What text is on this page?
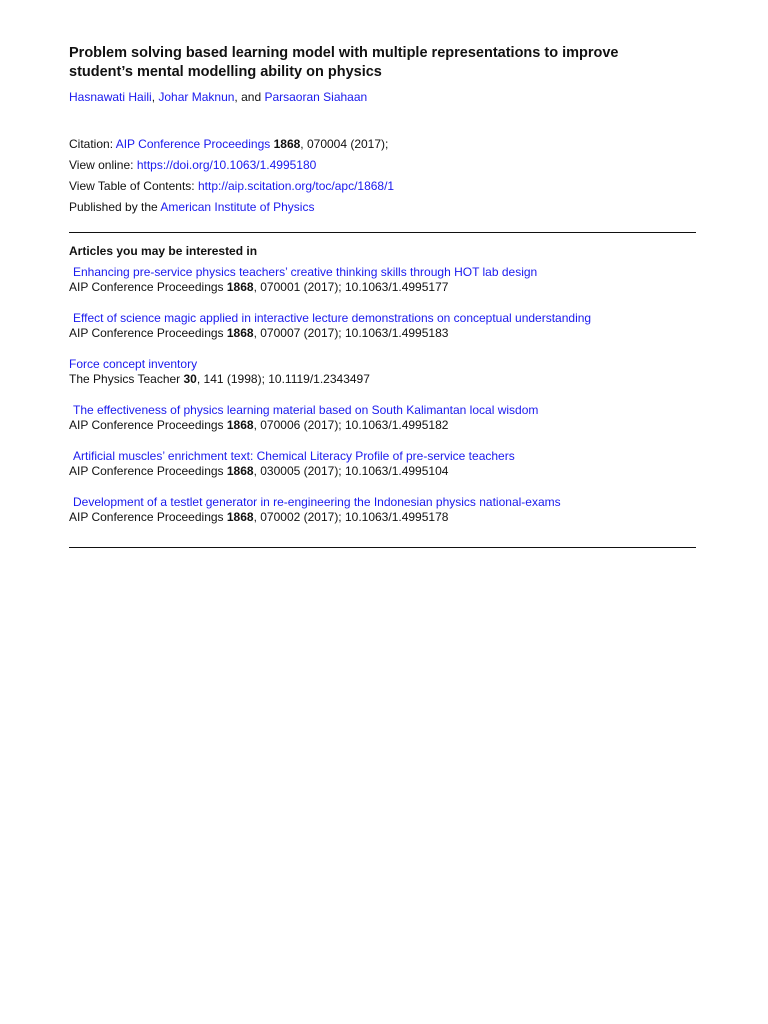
Problem solving based learning model with multiple representations to improve
student’s mental modelling ability on physics
Hasnawati Haili, Johar Maknun, and Parsaoran Siahaan
Citation: AIP Conference Proceedings 1868, 070004 (2017);
View online: https://doi.org/10.1063/1.4995180
View Table of Contents: http://aip.scitation.org/toc/apc/1868/1
Published by the American Institute of Physics
Articles you may be interested in
Enhancing pre-service physics teachers’ creative thinking skills through HOT lab design
AIP Conference Proceedings 1868, 070001 (2017); 10.1063/1.4995177
Effect of science magic applied in interactive lecture demonstrations on conceptual understanding
AIP Conference Proceedings 1868, 070007 (2017); 10.1063/1.4995183
Force concept inventory
The Physics Teacher 30, 141 (1998); 10.1119/1.2343497
The effectiveness of physics learning material based on South Kalimantan local wisdom
AIP Conference Proceedings 1868, 070006 (2017); 10.1063/1.4995182
Artificial muscles’ enrichment text: Chemical Literacy Profile of pre-service teachers
AIP Conference Proceedings 1868, 030005 (2017); 10.1063/1.4995104
Development of a testlet generator in re-engineering the Indonesian physics national-exams
AIP Conference Proceedings 1868, 070002 (2017); 10.1063/1.4995178
